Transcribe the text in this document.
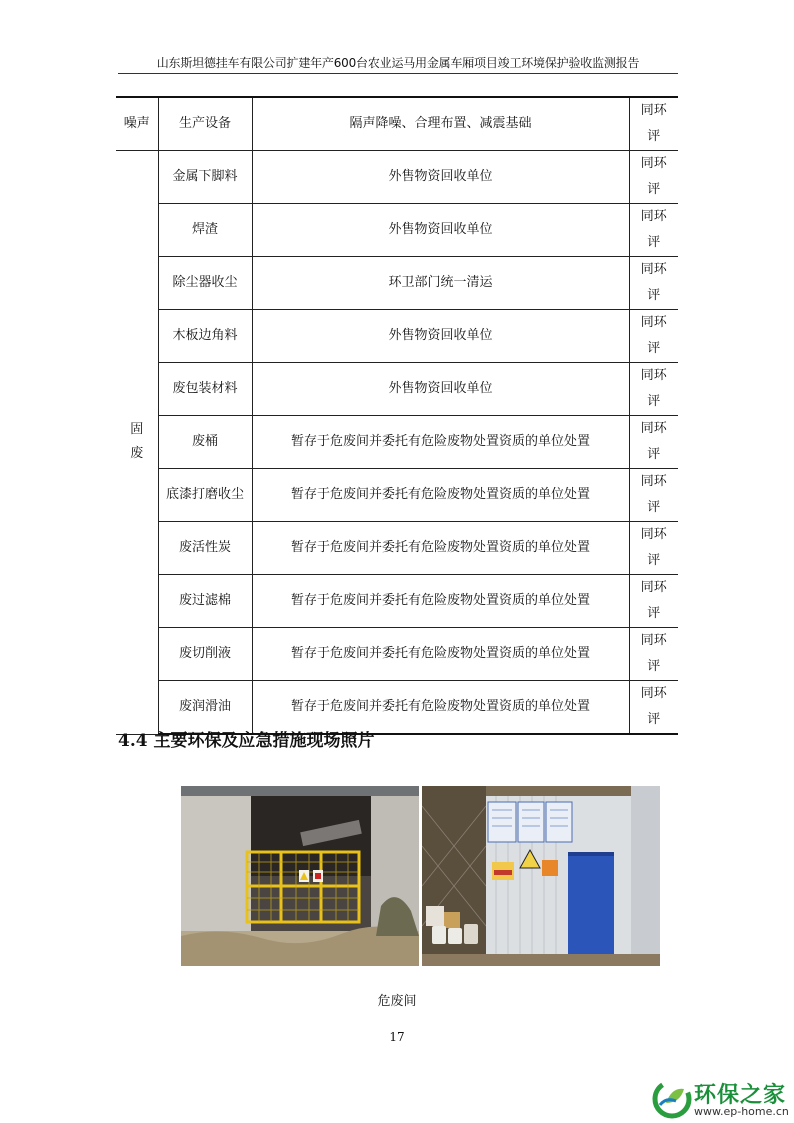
山东斯坦德挂车有限公司扩建年产600台农业运马用金属车厢项目竣工环境保护验收监测报告
噪声	生产设备	隔声降噪、合理布置、减震基础	同环评
固废	金属下脚料	外售物资回收单位	同环评
	焊渣	外售物资回收单位	同环评
	除尘器收尘	环卫部门统一清运	同环评
	木板边角料	外售物资回收单位	同环评
	废包装材料	外售物资回收单位	同环评
	废桶	暂存于危废间并委托有危险废物处置资质的单位处置	同环评
	底漆打磨收尘	暂存于危废间并委托有危险废物处置资质的单位处置	同环评
	废活性炭	暂存于危废间并委托有危险废物处置资质的单位处置	同环评
	废过滤棉	暂存于危废间并委托有危险废物处置资质的单位处置	同环评
	废切削液	暂存于危废间并委托有危险废物处置资质的单位处置	同环评
	废润滑油	暂存于危废间并委托有危险废物处置资质的单位处置	同环评
4.4 主要环保及应急措施现场照片
危废间
17
环保之家
www.ep-home.cn
